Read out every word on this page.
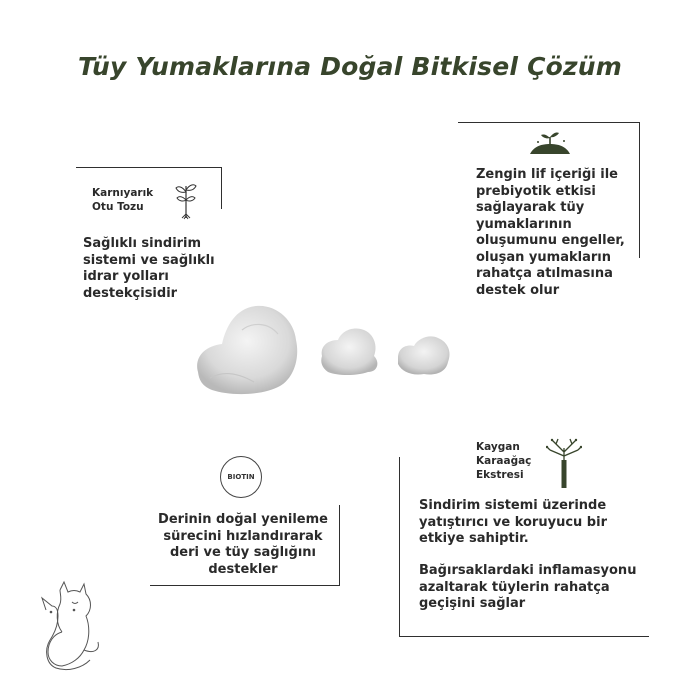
Tüy Yumaklarına Doğal Bitkisel Çözüm
Karnıyarık
Otu Tozu
Sağlıklı sindirim
sistemi ve sağlıklı
idrar yolları
destekçisidir
Zengin lif içeriği ile
prebiyotik etkisi
sağlayarak tüy
yumaklarının
oluşumunu engeller,
oluşan yumakların
rahatça atılmasına
destek olur
BIOTIN
Derinin doğal yenileme
sürecini hızlandırarak
deri ve tüy sağlığını
destekler
Kaygan
Karaağaç
Ekstresi
Sindirim sistemi üzerinde
yatıştırıcı ve koruyucu bir
etkiye sahiptir.
Bağırsaklardaki inflamasyonu
azaltarak tüylerin rahatça
geçişini sağlar
